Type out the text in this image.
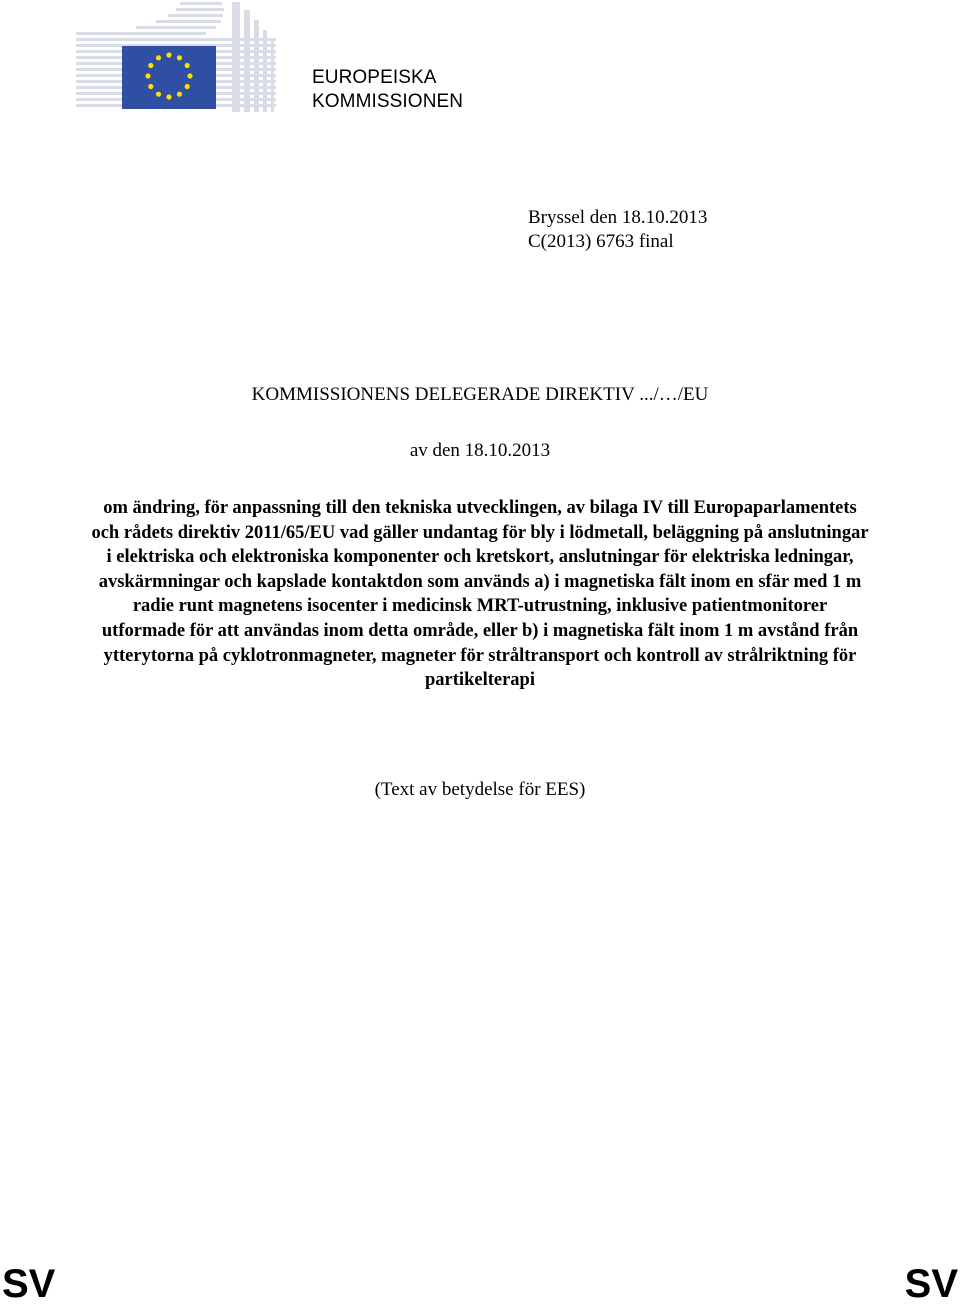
EUROPEISKA
KOMMISSIONEN
Bryssel den 18.10.2013
C(2013) 6763 final
KOMMISSIONENS DELEGERADE DIREKTIV .../…/EU
av den 18.10.2013
om ändring, för anpassning till den tekniska utvecklingen, av bilaga IV till Europaparlamentets och rådets direktiv 2011/65/EU vad gäller undantag för bly i lödmetall, beläggning på anslutningar i elektriska och elektroniska komponenter och kretskort, anslutningar för elektriska ledningar, avskärmningar och kapslade kontaktdon som används a) i magnetiska fält inom en sfär med 1 m radie runt magnetens isocenter i medicinsk MRT-utrustning, inklusive patientmonitorer utformade för att användas inom detta område, eller b) i magnetiska fält inom 1 m avstånd från ytterytorna på cyklotronmagneter, magneter för stråltransport och kontroll av strålriktning för partikelterapi
(Text av betydelse för EES)
SV	SV
